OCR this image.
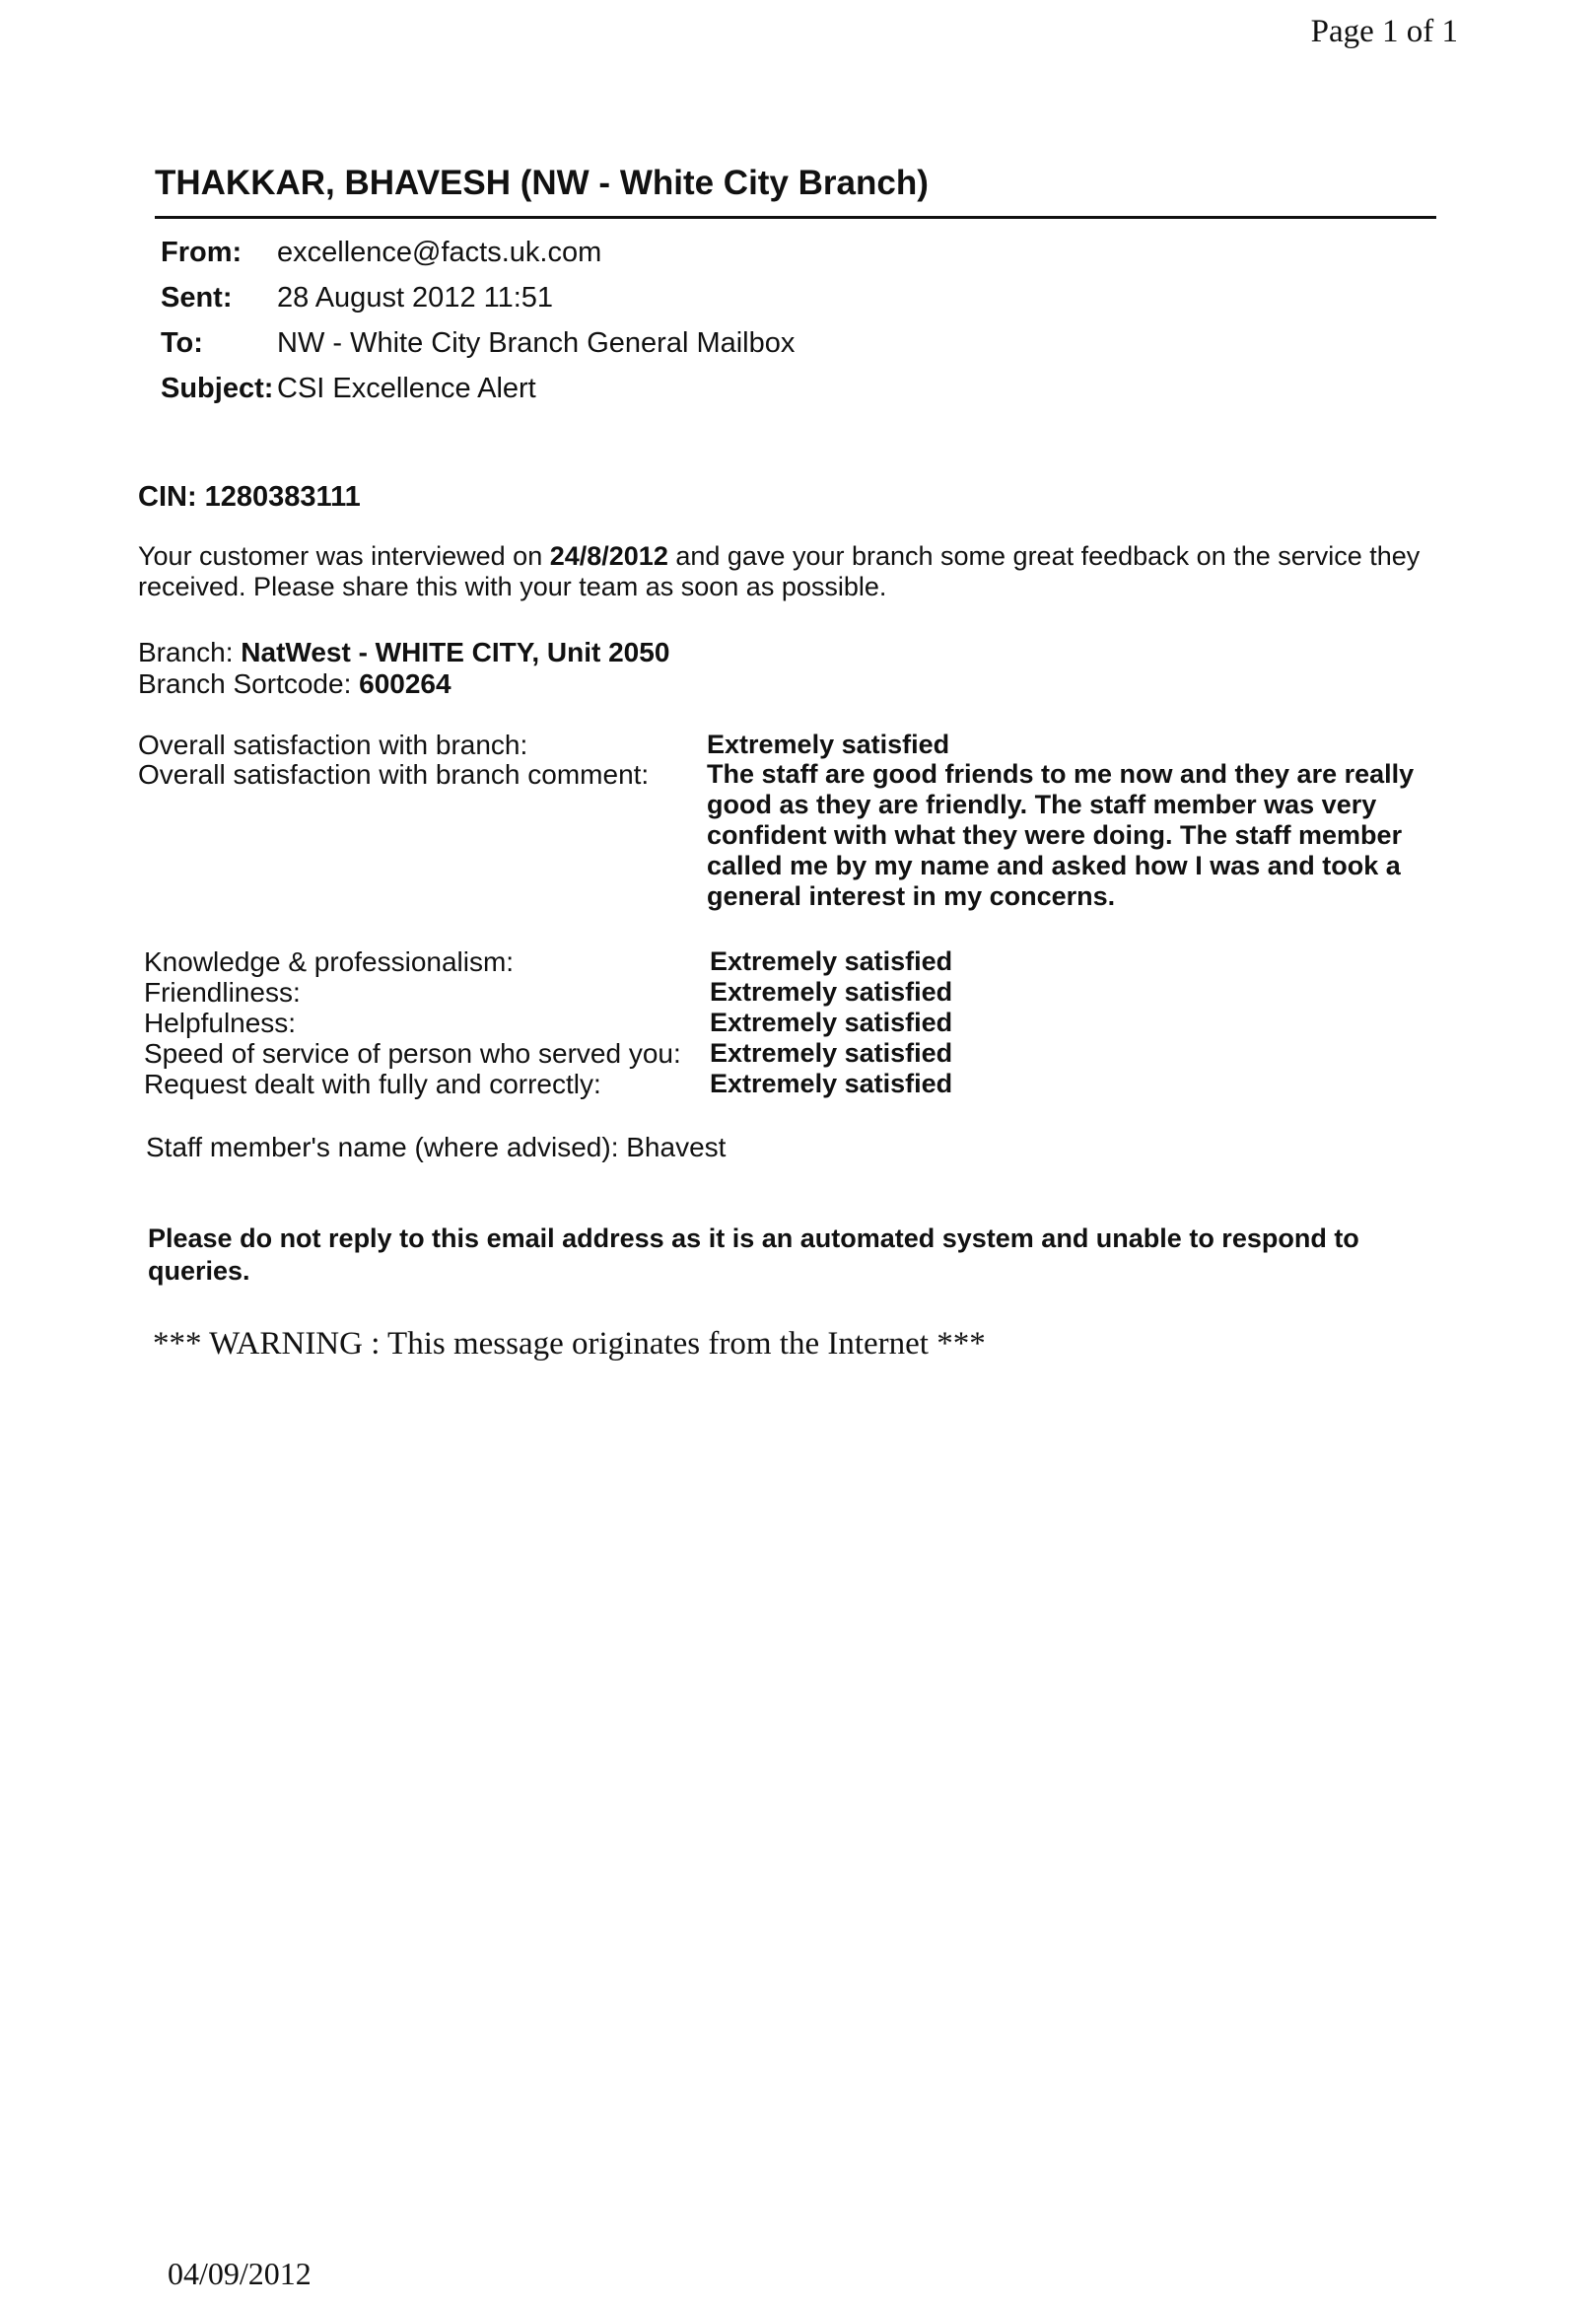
Page 1 of 1
THAKKAR, BHAVESH (NW - White City Branch)
From: excellence@facts.uk.com
Sent: 28 August 2012 11:51
To:	NW - White City Branch General Mailbox
Subject: CSI Excellence Alert
CIN: 1280383111
Your customer was interviewed on 24/8/2012 and gave your branch some great feedback on the service they received. Please share this with your team as soon as possible.
Branch: NatWest - WHITE CITY, Unit 2050
Branch Sortcode: 600264
Overall satisfaction with branch:	Extremely satisfied
Overall satisfaction with branch comment: The staff are good friends to me now and they are really good as they are friendly. The staff member was very confident with what they were doing. The staff member called me by my name and asked how I was and took a general interest in my concerns.
Knowledge & professionalism:	Extremely satisfied
Friendliness:	Extremely satisfied
Helpfulness:	Extremely satisfied
Speed of service of person who served you: Extremely satisfied
Request dealt with fully and correctly:	Extremely satisfied
Staff member's name (where advised): Bhavest
Please do not reply to this email address as it is an automated system and unable to respond to queries.
*** WARNING : This message originates from the Internet ***
04/09/2012
